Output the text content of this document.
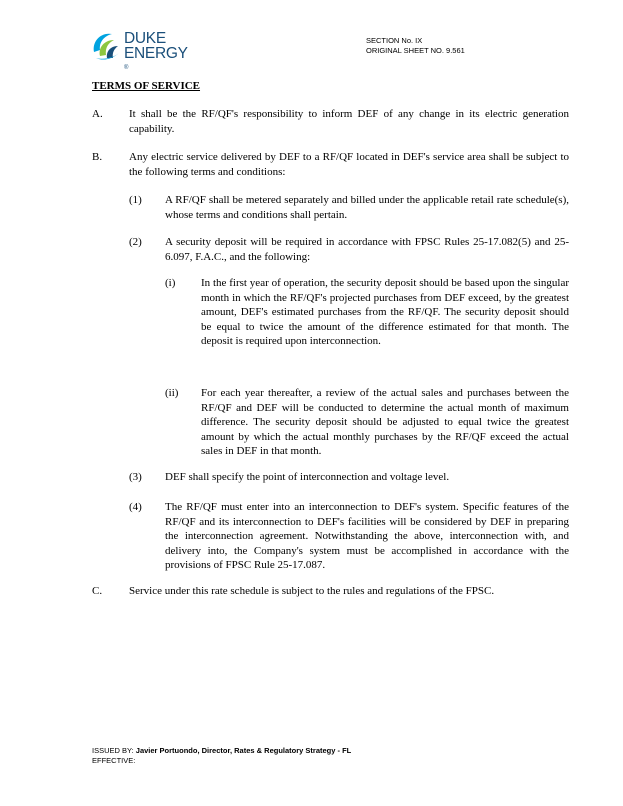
DUKE
ENERGY
®
SECTION No. IX
ORIGINAL SHEET NO. 9.561
TERMS OF SERVICE
A. It shall be the RF/QF's responsibility to inform DEF of any change in its electric generation capability.
B. Any electric service delivered by DEF to a RF/QF located in DEF's service area shall be subject to the following terms and conditions:
(1) A RF/QF shall be metered separately and billed under the applicable retail rate schedule(s), whose terms and conditions shall pertain.
(2) A security deposit will be required in accordance with FPSC Rules 25-17.082(5) and 25-6.097, F.A.C., and the following:
(i) In the first year of operation, the security deposit should be based upon the singular month in which the RF/QF's projected purchases from DEF exceed, by the greatest amount, DEF's estimated purchases from the RF/QF. The security deposit should be equal to twice the amount of the difference estimated for that month. The deposit is required upon interconnection.
(ii) For each year thereafter, a review of the actual sales and purchases between the RF/QF and DEF will be conducted to determine the actual month of maximum difference. The security deposit should be adjusted to equal twice the greatest amount by which the actual monthly purchases by the RF/QF exceed the actual sales in DEF in that month.
(3) DEF shall specify the point of interconnection and voltage level.
(4) The RF/QF must enter into an interconnection to DEF's system. Specific features of the RF/QF and its interconnection to DEF's facilities will be considered by DEF in preparing the interconnection agreement. Notwithstanding the above, interconnection with, and delivery into, the Company's system must be accomplished in accordance with the provisions of FPSC Rule 25-17.087.
C. Service under this rate schedule is subject to the rules and regulations of the FPSC.
ISSUED BY: Javier Portuondo, Director, Rates & Regulatory Strategy - FL
EFFECTIVE:
